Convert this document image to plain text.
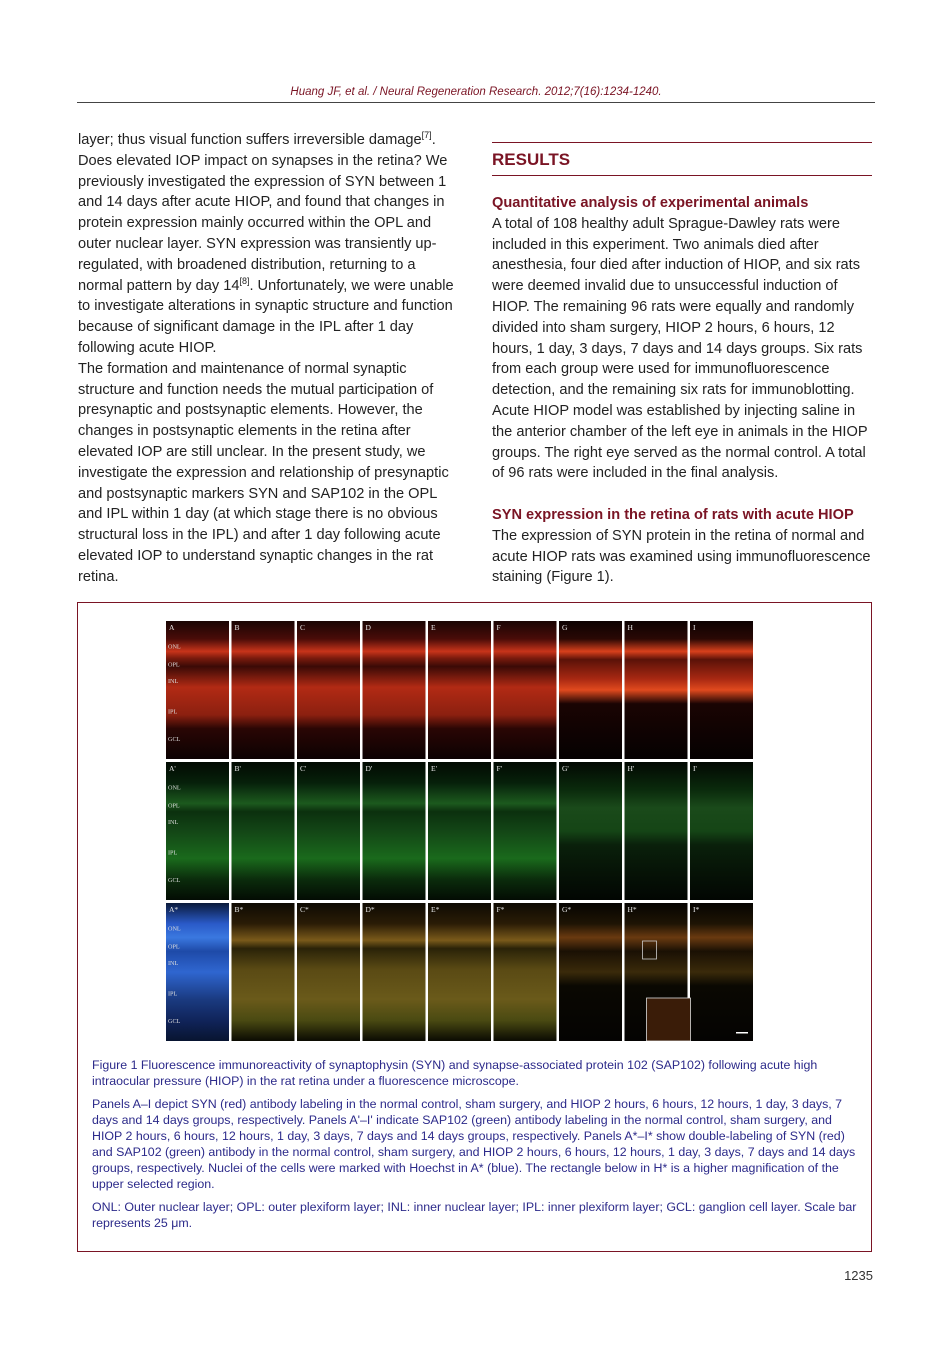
Huang JF, et al. / Neural Regeneration Research. 2012;7(16):1234-1240.

layer; thus visual function suffers irreversible damage[7]. Does elevated IOP impact on synapses in the retina? We previously investigated the expression of SYN between 1 and 14 days after acute HIOP, and found that changes in protein expression mainly occurred within the OPL and outer nuclear layer. SYN expression was transiently up-regulated, with broadened distribution, returning to a normal pattern by day 14[8]. Unfortunately, we were unable to investigate alterations in synaptic structure and function because of significant damage in the IPL after 1 day following acute HIOP.

The formation and maintenance of normal synaptic structure and function needs the mutual participation of presynaptic and postsynaptic elements. However, the changes in postsynaptic elements in the retina after elevated IOP are still unclear. In the present study, we investigate the expression and relationship of presynaptic and postsynaptic markers SYN and SAP102 in the OPL and IPL within 1 day (at which stage there is no obvious structural loss in the IPL) and after 1 day following acute elevated IOP to understand synaptic changes in the rat retina.

RESULTS

Quantitative analysis of experimental animals

A total of 108 healthy adult Sprague-Dawley rats were included in this experiment. Two animals died after anesthesia, four died after induction of HIOP, and six rats were deemed invalid due to unsuccessful induction of HIOP. The remaining 96 rats were equally and randomly divided into sham surgery, HIOP 2 hours, 6 hours, 12 hours, 1 day, 3 days, 7 days and 14 days groups. Six rats from each group were used for immunofluorescence detection, and the remaining six rats for immunoblotting. Acute HIOP model was established by injecting saline in the anterior chamber of the left eye in animals in the HIOP groups. The right eye served as the normal control. A total of 96 rats were included in the final analysis.

SYN expression in the retina of rats with acute HIOP

The expression of SYN protein in the retina of normal and acute HIOP rats was examined using immunofluorescence staining (Figure 1).

A	B	C	D	E	F	G	H	I
ONL
OPL
INL
IPL
GCL
A'	B'	C'	D'	E'	F'	G'	H'	I'
ONL
OPL
INL
IPL
GCL
A*	B*	C*	D*	E*	F*	G*	H*	I*
ONL
OPL
INL
IPL
GCL

Figure 1 Fluorescence immunoreactivity of synaptophysin (SYN) and synapse-associated protein 102 (SAP102) following acute high intraocular pressure (HIOP) in the rat retina under a fluorescence microscope.

Panels A–I depict SYN (red) antibody labeling in the normal control, sham surgery, and HIOP 2 hours, 6 hours, 12 hours, 1 day, 3 days, 7 days and 14 days groups, respectively. Panels A'–I' indicate SAP102 (green) antibody labeling in the normal control, sham surgery, and HIOP 2 hours, 6 hours, 12 hours, 1 day, 3 days, 7 days and 14 days groups, respectively. Panels A*–I* show double-labeling of SYN (red) and SAP102 (green) antibody in the normal control, sham surgery, and HIOP 2 hours, 6 hours, 12 hours, 1 day, 3 days, 7 days and 14 days groups, respectively. Nuclei of the cells were marked with Hoechst in A* (blue). The rectangle below in H* is a higher magnification of the upper selected region.

ONL: Outer nuclear layer; OPL: outer plexiform layer; INL: inner nuclear layer; IPL: inner plexiform layer; GCL: ganglion cell layer. Scale bar represents 25 μm.

1235
